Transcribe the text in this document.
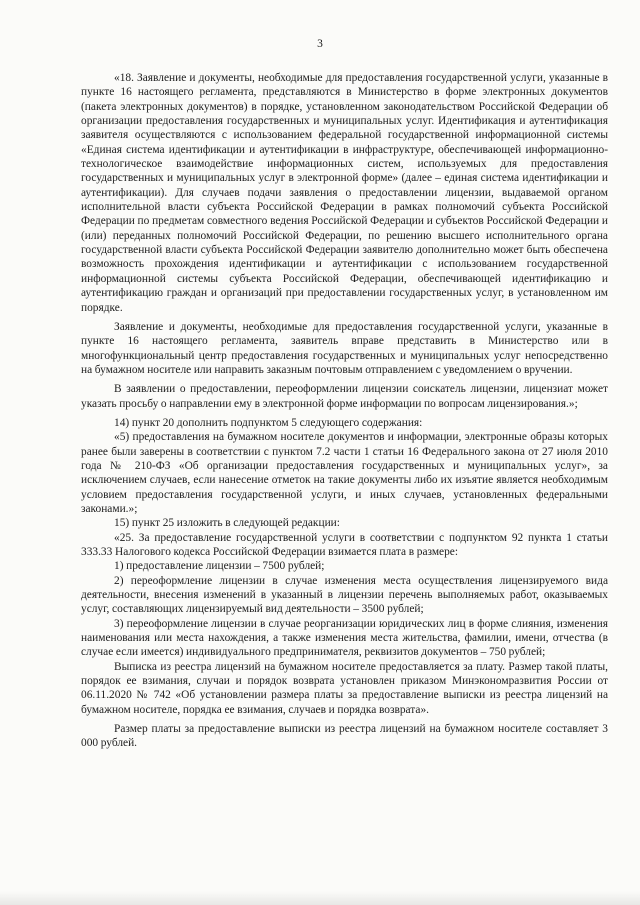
3

«18. Заявление и документы, необходимые для предоставления государственной услуги, указанные в пункте 16 настоящего регламента, представляются в Министерство в форме электронных документов (пакета электронных документов) в порядке, установленном законодательством Российской Федерации об организации предоставления государственных и муниципальных услуг. Идентификация и аутентификация заявителя осуществляются с использованием федеральной государственной информационной системы «Единая система идентификации и аутентификации в инфраструктуре, обеспечивающей информационно-технологическое взаимодействие информационных систем, используемых для предоставления государственных и муниципальных услуг в электронной форме» (далее – единая система идентификации и аутентификации). Для случаев подачи заявления о предоставлении лицензии, выдаваемой органом исполнительной власти субъекта Российской Федерации в рамках полномочий субъекта Российской Федерации по предметам совместного ведения Российской Федерации и субъектов Российской Федерации и (или) переданных полномочий Российской Федерации, по решению высшего исполнительного органа государственной власти субъекта Российской Федерации заявителю дополнительно может быть обеспечена возможность прохождения идентификации и аутентификации с использованием государственной информационной системы субъекта Российской Федерации, обеспечивающей идентификацию и аутентификацию граждан и организаций при предоставлении государственных услуг, в установленном им порядке.

Заявление и документы, необходимые для предоставления государственной услуги, указанные в пункте 16 настоящего регламента, заявитель вправе представить в Министерство или в многофункциональный центр предоставления государственных и муниципальных услуг непосредственно на бумажном носителе или направить заказным почтовым отправлением с уведомлением о вручении.

В заявлении о предоставлении, переоформлении лицензии соискатель лицензии, лицензиат может указать просьбу о направлении ему в электронной форме информации по вопросам лицензирования.»;

14) пункт 20 дополнить подпунктом 5 следующего содержания:

«5) предоставления на бумажном носителе документов и информации, электронные образы которых ранее были заверены в соответствии с пунктом 7.2 части 1 статьи 16 Федерального закона от 27 июля 2010 года № 210-ФЗ «Об организации предоставления государственных и муниципальных услуг», за исключением случаев, если нанесение отметок на такие документы либо их изъятие является необходимым условием предоставления государственной услуги, и иных случаев, установленных федеральными законами.»;

15) пункт 25 изложить в следующей редакции:

«25. За предоставление государственной услуги в соответствии с подпунктом 92 пункта 1 статьи 333.33 Налогового кодекса Российской Федерации взимается плата в размере:

1) предоставление лицензии – 7500 рублей;

2) переоформление лицензии в случае изменения места осуществления лицензируемого вида деятельности, внесения изменений в указанный в лицензии перечень выполняемых работ, оказываемых услуг, составляющих лицензируемый вид деятельности – 3500 рублей;

3) переоформление лицензии в случае реорганизации юридических лиц в форме слияния, изменения наименования или места нахождения, а также изменения места жительства, фамилии, имени, отчества (в случае если имеется) индивидуального предпринимателя, реквизитов документов – 750 рублей;

Выписка из реестра лицензий на бумажном носителе предоставляется за плату. Размер такой платы, порядок ее взимания, случаи и порядок возврата установлен приказом Минэкономразвития России от 06.11.2020 № 742 «Об установлении размера платы за предоставление выписки из реестра лицензий на бумажном носителе, порядка ее взимания, случаев и порядка возврата».

Размер платы за предоставление выписки из реестра лицензий на бумажном носителе составляет 3 000 рублей.
